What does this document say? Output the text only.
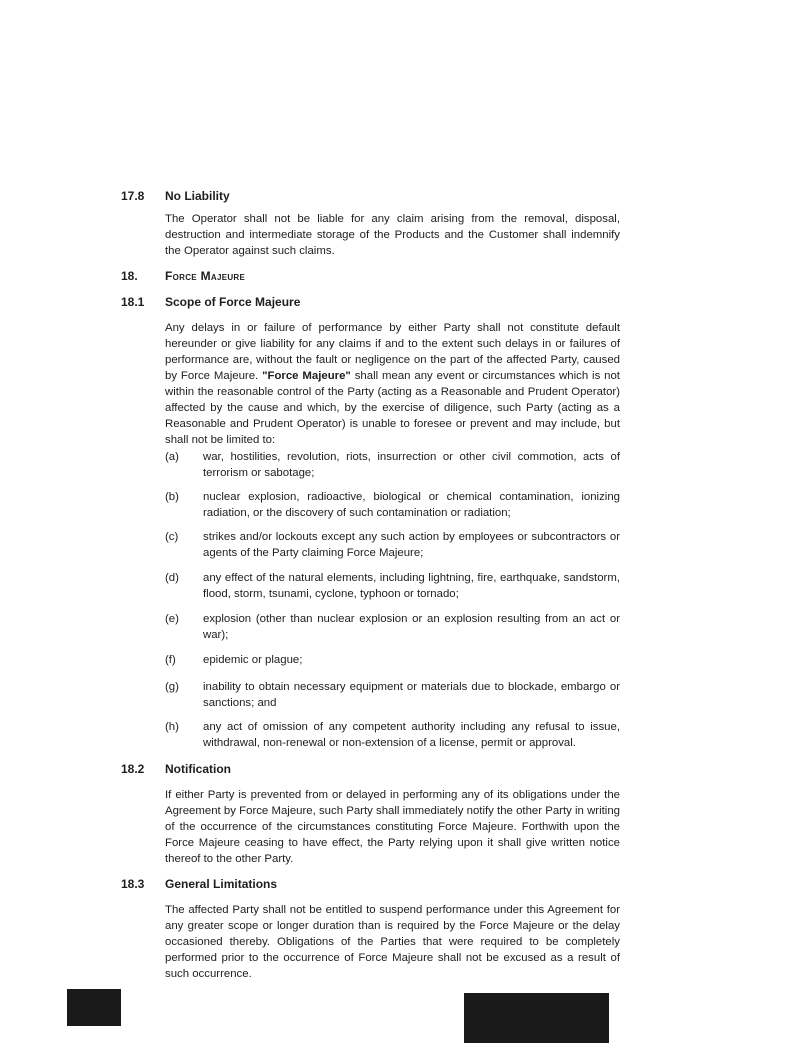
17.8 No Liability

The Operator shall not be liable for any claim arising from the removal, disposal, destruction and intermediate storage of the Products and the Customer shall indemnify the Operator against such claims.

18. Force Majeure
18.1 Scope of Force Majeure

Any delays in or failure of performance by either Party shall not constitute default hereunder or give liability for any claims if and to the extent such delays in or failures of performance are, without the fault or negligence on the part of the affected Party, caused by Force Majeure. "Force Majeure" shall mean any event or circumstances which is not within the reasonable control of the Party (acting as a Reasonable and Prudent Operator) affected by the cause and which, by the exercise of diligence, such Party (acting as a Reasonable and Prudent Operator) is unable to foresee or prevent and may include, but shall not be limited to:

(a) war, hostilities, revolution, riots, insurrection or other civil commotion, acts of terrorism or sabotage;

(b) nuclear explosion, radioactive, biological or chemical contamination, ionizing radiation, or the discovery of such contamination or radiation;

(c) strikes and/or lockouts except any such action by employees or subcontractors or agents of the Party claiming Force Majeure;

(d) any effect of the natural elements, including lightning, fire, earthquake, sandstorm, flood, storm, tsunami, cyclone, typhoon or tornado;

(e) explosion (other than nuclear explosion or an explosion resulting from an act or war);

(f) epidemic or plague;

(g) inability to obtain necessary equipment or materials due to blockade, embargo or sanctions; and

(h) any act of omission of any competent authority including any refusal to issue, withdrawal, non-renewal or non-extension of a license, permit or approval.

18.2 Notification

If either Party is prevented from or delayed in performing any of its obligations under the Agreement by Force Majeure, such Party shall immediately notify the other Party in writing of the occurrence of the circumstances constituting Force Majeure. Forthwith upon the Force Majeure ceasing to have effect, the Party relying upon it shall give written notice thereof to the other Party.

18.3 General Limitations

The affected Party shall not be entitled to suspend performance under this Agreement for any greater scope or longer duration than is required by the Force Majeure or the delay occasioned thereby. Obligations of the Parties that were required to be completely performed prior to the occurrence of Force Majeure shall not be excused as a result of such occurrence.
